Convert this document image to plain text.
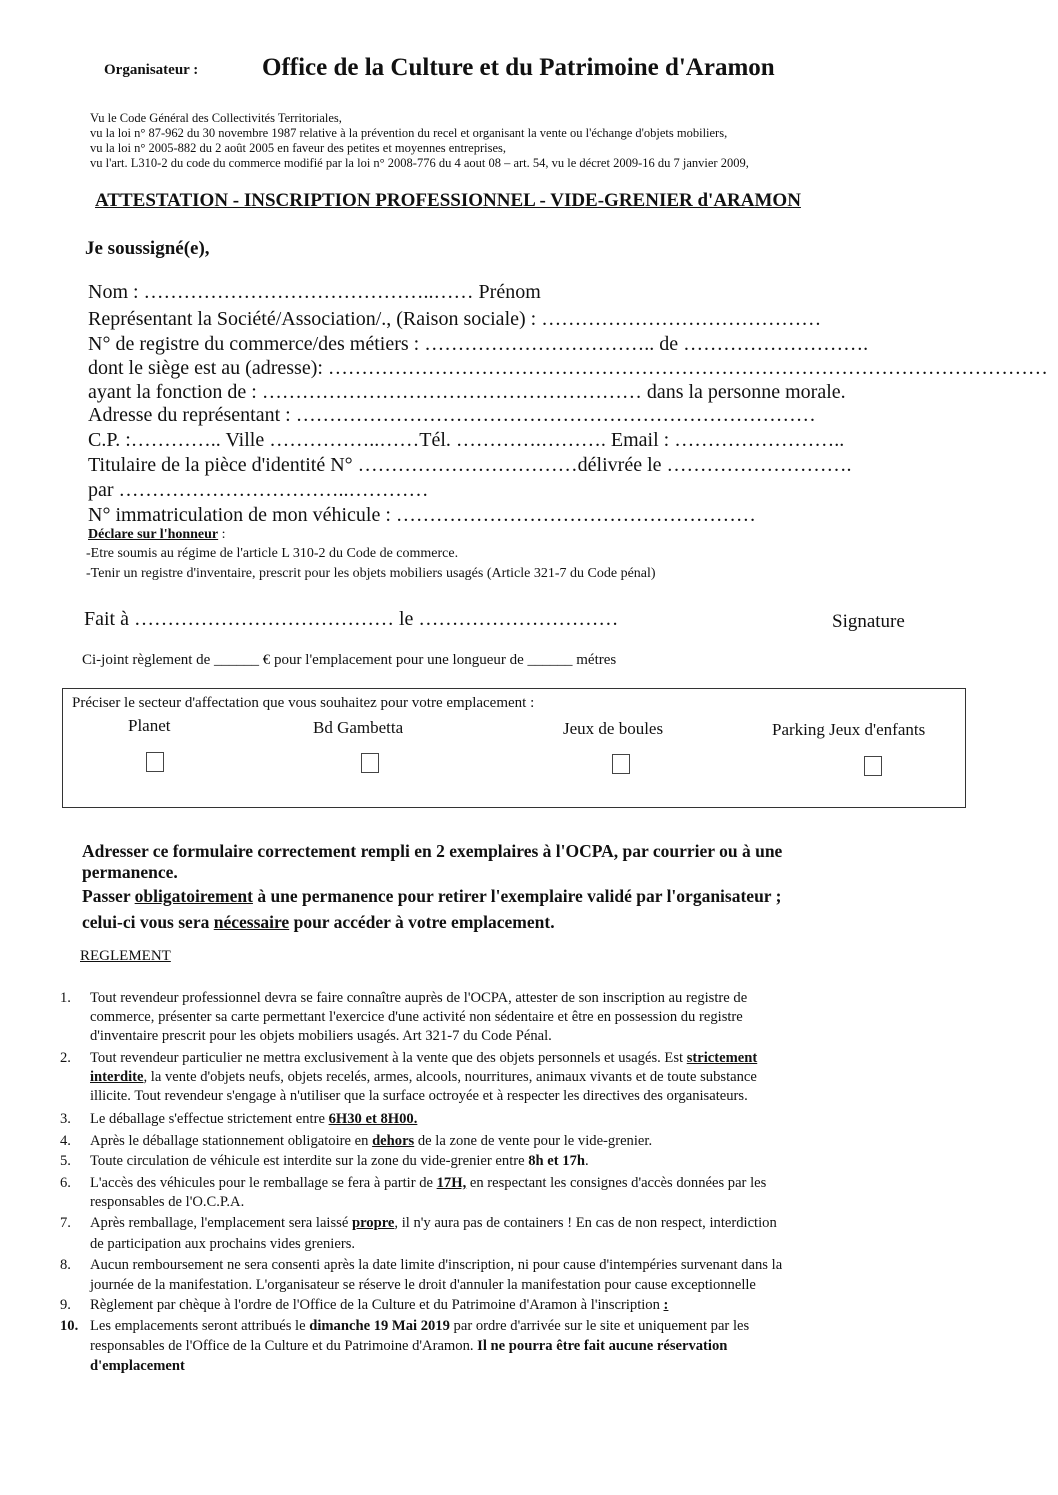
Organisateur :	Office de la Culture et du Patrimoine d'Aramon
Vu le Code Général des Collectivités Territoriales,
vu la loi n° 87-962 du 30 novembre 1987 relative à la prévention du recel et organisant la vente ou l'échange d'objets mobiliers,
vu la loi n° 2005-882 du 2 août 2005 en faveur des petites et moyennes entreprises,
vu l'art. L310-2 du code du commerce modifié par la loi n° 2008-776 du 4 aout 08 – art. 54, vu le décret 2009-16 du 7 janvier 2009,
ATTESTATION - INSCRIPTION PROFESSIONNEL - VIDE-GRENIER d'ARAMON
Je soussigné(e),
Nom : ……………………………………..…… Prénom
Représentant la Société/Association/., (Raison sociale) : ……………………………………
N° de registre du commerce/des métiers : …………………………….. de ……………………….
dont le siège est au (adresse): ………………………………………………………………………………………………
ayant la fonction de : ………………………………………………… dans la personne morale.
Adresse du représentant : ……………………………………………………………………
C.P. :………….. Ville ……………..……Tél. ………….………. Email : ……………………..
Titulaire de la pièce d'identité N° ……………………………délivrée le ……………………….
par ……………………………..…………
N° immatriculation de mon véhicule : ………………………………………………
Déclare sur l'honneur :
-Etre soumis au régime de l'article L 310-2 du Code de commerce.
-Tenir un registre d'inventaire, prescrit pour les objets mobiliers usagés (Article 321-7 du Code pénal)
Fait à ………………………………… le …………………………	Signature
Ci-joint règlement de ______ € pour l'emplacement pour une longueur de ______ métres
Préciser le secteur d'affectation que vous souhaitez pour votre emplacement :
Planet	Bd Gambetta	Jeux de boules	Parking Jeux d'enfants
Adresser ce formulaire correctement rempli en 2 exemplaires à l'OCPA, par courrier ou à une
permanence.
Passer obligatoirement à une permanence pour retirer l'exemplaire validé par l'organisateur ;
celui-ci vous sera nécessaire pour accéder à votre emplacement.
REGLEMENT
1.
2.
3.
4.
5.
6.
7.
8.
9.
10.
Tout revendeur professionnel devra se faire connaître auprès de l'OCPA, attester de son inscription au registre de
commerce, présenter sa carte permettant l'exercice d'une activité non sédentaire et être en possession du registre
d'inventaire prescrit pour les objets mobiliers usagés. Art 321-7 du Code Pénal.
Tout revendeur particulier ne mettra exclusivement à la vente que des objets personnels et usagés. Est strictement
interdite, la vente d'objets neufs, objets recelés, armes, alcools, nourritures, animaux vivants et de toute substance
illicite. Tout revendeur s'engage à n'utiliser que la surface octroyée et à respecter les directives des organisateurs.
Le déballage s'effectue strictement entre 6H30 et 8H00.
Après le déballage stationnement obligatoire en dehors de la zone de vente pour le vide-grenier.
Toute circulation de véhicule est interdite sur la zone du vide-grenier entre 8h et 17h.
L'accès des véhicules pour le remballage se fera à partir de 17H, en respectant les consignes d'accès données par les
responsables de l'O.C.P.A.
Après remballage, l'emplacement sera laissé propre, il n'y aura pas de containers ! En cas de non respect, interdiction
de participation aux prochains vides greniers.
Aucun remboursement ne sera consenti après la date limite d'inscription, ni pour cause d'intempéries survenant dans la
journée de la manifestation. L'organisateur se réserve le droit d'annuler la manifestation pour cause exceptionnelle
Règlement par chèque à l'ordre de l'Office de la Culture et du Patrimoine d'Aramon à l'inscription :
Les emplacements seront attribués le dimanche 19 Mai 2019 par ordre d'arrivée sur le site et uniquement par les
responsables de l'Office de la Culture et du Patrimoine d'Aramon. Il ne pourra être fait aucune réservation
d'emplacement
